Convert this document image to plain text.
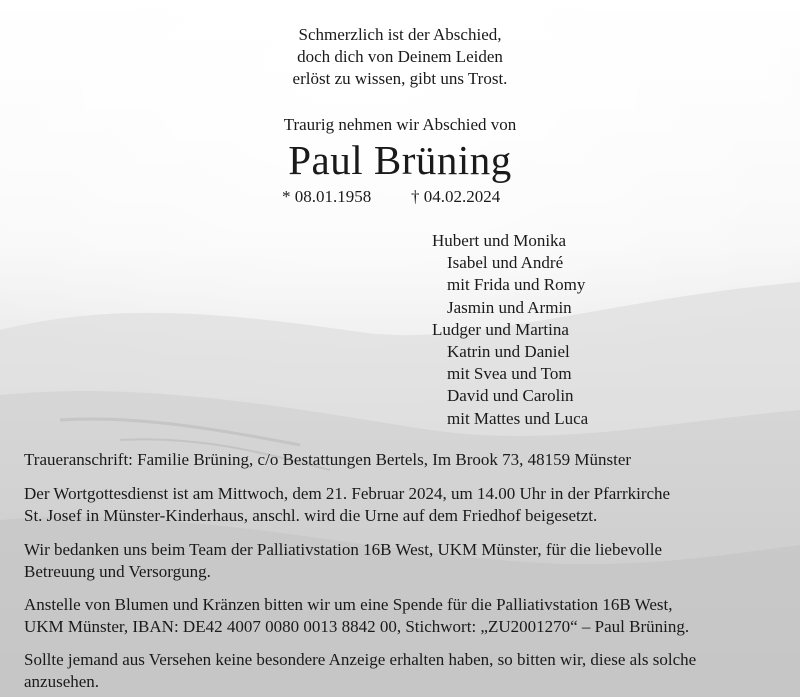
Schmerzlich ist der Abschied,
doch dich von Deinem Leiden
erlöst zu wissen, gibt uns Trost.
Traurig nehmen wir Abschied von
Paul Brüning
* 08.01.1958 † 04.02.2024
Hubert und Monika
Isabel und André
mit Frida und Romy
Jasmin und Armin
Ludger und Martina
Katrin und Daniel
mit Svea und Tom
David und Carolin
mit Mattes und Luca
Traueranschrift: Familie Brüning, c/o Bestattungen Bertels, Im Brook 73, 48159 Münster
Der Wortgottesdienst ist am Mittwoch, dem 21. Februar 2024, um 14.00 Uhr in der Pfarrkirche
St. Josef in Münster-Kinderhaus, anschl. wird die Urne auf dem Friedhof beigesetzt.
Wir bedanken uns beim Team der Palliativstation 16B West, UKM Münster, für die liebevolle
Betreuung und Versorgung.
Anstelle von Blumen und Kränzen bitten wir um eine Spende für die Palliativstation 16B West,
UKM Münster, IBAN: DE42 4007 0080 0013 8842 00, Stichwort: „ZU2001270“ – Paul Brüning.
Sollte jemand aus Versehen keine besondere Anzeige erhalten haben, so bitten wir, diese als solche
anzusehen.
